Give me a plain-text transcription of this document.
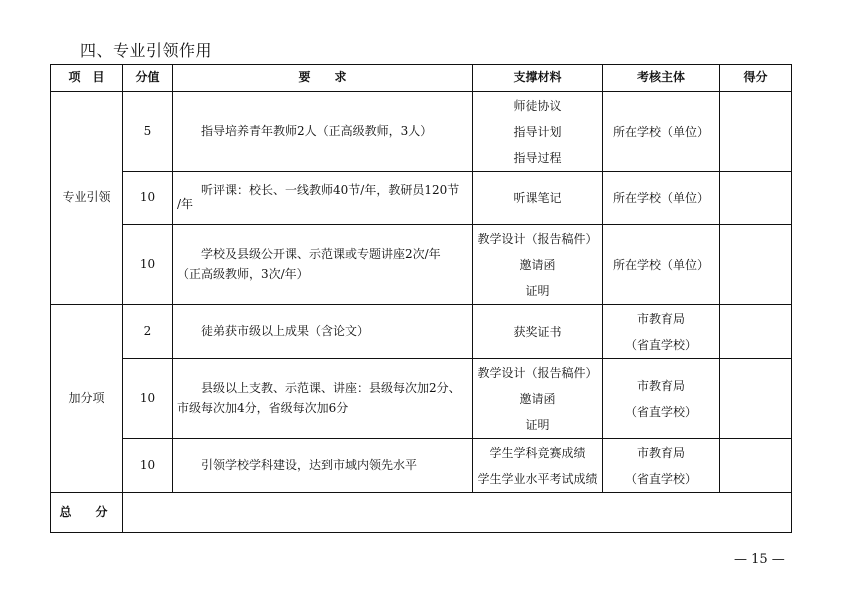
四、专业引领作用
项　目	分值	要　　求	支撑材料	考核主体	得分
专业引领	5	指导培养青年教师2人（正高级教师，3人）	师徒协议
指导计划
指导过程	所在学校（单位）	

	10	听评课：校长、一线教师40节/年，教研员120节
/年	听课笔记	所在学校（单位）	

	10	学校及县级公开课、示范课或专题讲座2次/年
（正高级教师，3次/年）	教学设计（报告稿件）
邀请函
证明	所在学校（单位）	

加分项	2	徒弟获市级以上成果（含论文）	获奖证书	市教育局
（省直学校）	

	10	县级以上支教、示范课、讲座：县级每次加2分、
市级每次加4分，省级每次加6分	教学设计（报告稿件）
邀请函
证明	市教育局
（省直学校）	

	10	引领学校学科建设，达到市域内领先水平	学生学科竞赛成绩
学生学业水平考试成绩	市教育局
（省直学校）	

总　分					
— 15 —
